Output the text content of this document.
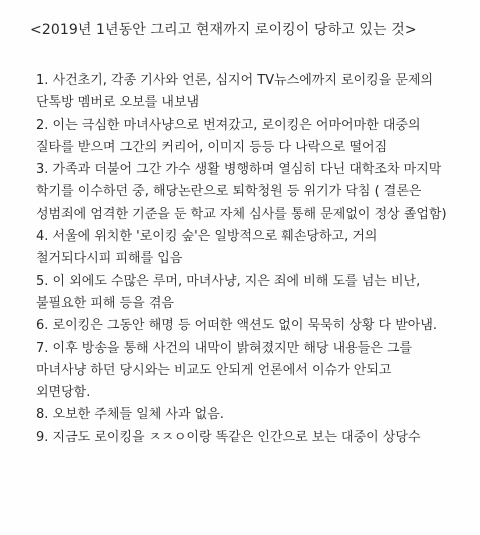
<2019년 1년동안 그리고 현재까지 로이킹이 당하고 있는 것>
1. 사건초기, 각종 기사와 언론, 심지어 TV뉴스에까지 로이킹을 문제의
단톡방 멤버로 오보를 내보냄
2. 이는 극심한 마녀사냥으로 번져갔고, 로이킹은 어마어마한 대중의
질타를 받으며 그간의 커리어, 이미지 등등 다 나락으로 떨어짐
3. 가족과 더불어 그간 가수 생활 병행하며 열심히 다닌 대학조차 마지막
학기를 이수하던 중, 해당논란으로 퇴학청원 등 위기가 닥침 ( 결론은
성범죄에 엄격한 기준을 둔 학교 자체 심사를 통해 문제없이 정상 졸업함)
4. 서울에 위치한 '로이킹 숲'은 일방적으로 훼손당하고, 거의
철거되다시피 피해를 입음
5. 이 외에도 수많은 루머, 마녀사냥, 지은 죄에 비해 도를 넘는 비난,
불필요한 피해 등을 겪음
6. 로이킹은 그동안 해명 등 어떠한 액션도 없이 묵묵히 상황 다 받아냄.
7. 이후 방송을 통해 사건의 내막이 밝혀졌지만 해당 내용들은 그를
마녀사냥 하던 당시와는 비교도 안되게 언론에서 이슈가 안되고
외면당함.
8. 오보한 주체들 일체 사과 없음.
9. 지금도 로이킹을 ㅈㅈㅇ이랑 똑같은 인간으로 보는 대중이 상당수
